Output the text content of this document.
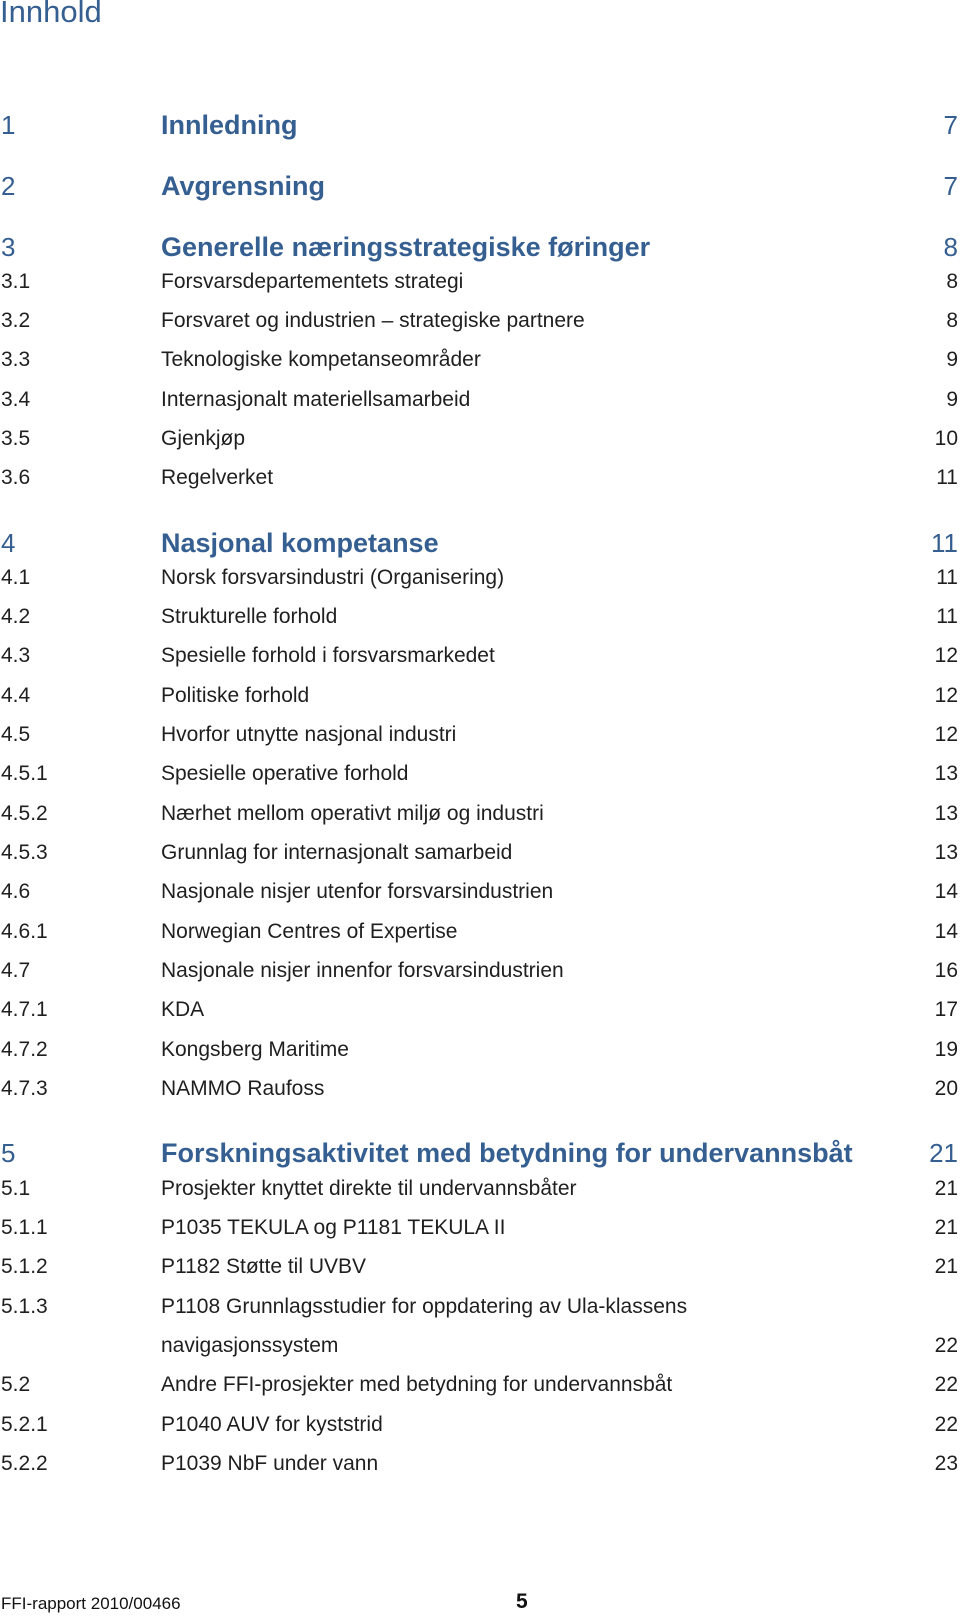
Innhold
1	Innledning	7
2	Avgrensning	7
3	Generelle næringsstrategiske føringer	8
3.1	Forsvarsdepartementets strategi	8
3.2	Forsvaret og industrien – strategiske partnere	8
3.3	Teknologiske kompetanseområder	9
3.4	Internasjonalt materiellsamarbeid	9
3.5	Gjenkjøp	10
3.6	Regelverket	11
4	Nasjonal kompetanse	11
4.1	Norsk forsvarsindustri (Organisering)	11
4.2	Strukturelle forhold	11
4.3	Spesielle forhold i forsvarsmarkedet	12
4.4	Politiske forhold	12
4.5	Hvorfor utnytte nasjonal industri	12
4.5.1	Spesielle operative forhold	13
4.5.2	Nærhet mellom operativt miljø og industri	13
4.5.3	Grunnlag for internasjonalt samarbeid	13
4.6	Nasjonale nisjer utenfor forsvarsindustrien	14
4.6.1	Norwegian Centres of Expertise	14
4.7	Nasjonale nisjer innenfor forsvarsindustrien	16
4.7.1	KDA	17
4.7.2	Kongsberg Maritime	19
4.7.3	NAMMO Raufoss	20
5	Forskningsaktivitet med betydning for undervannsbåt	21
5.1	Prosjekter knyttet direkte til undervannsbåter	21
5.1.1	P1035 TEKULA og P1181 TEKULA II	21
5.1.2	P1182 Støtte til UVBV	21
5.1.3	P1108 Grunnlagsstudier for oppdatering av Ula-klassens
navigasjonssystem	22
5.2	Andre FFI-prosjekter med betydning for undervannsbåt	22
5.2.1	P1040 AUV for kyststrid	22
5.2.2	P1039 NbF under vann	23
FFI-rapport 2010/00466	5
